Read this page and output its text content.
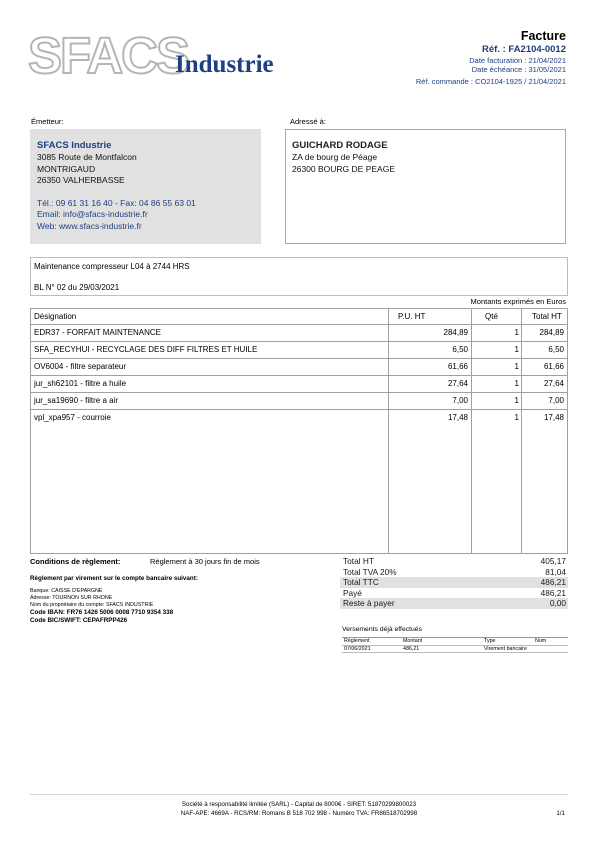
SFACS
Industrie
Facture
Réf. : FA2104-0012
Date facturation : 21/04/2021
Date échéance : 31/05/2021
Réf. commande : CO2104-1925 / 21/04/2021
Émetteur:	Adressé à:
SFACS Industrie
3085 Route de Montfalcon
MONTRIGAUD
26350 VALHERBASSE
Tél.: 09 61 31 16 40 - Fax: 04 86 55 63 01
Email: info@sfacs-industrie.fr
Web: www.sfacs-industrie.fr
GUICHARD RODAGE
ZA de bourg de Péage
26300 BOURG DE PEAGE
Maintenance compresseur L04 à 2744 HRS
BL N° 02 du 29/03/2021
Montants exprimés en Euros
Désignation	P.U. HT	Qté	Total HT
EDR37 - FORFAIT MAINTENANCE	284,89	1	284,89
SFA_RECYHUI - RECYCLAGE DES DIFF FILTRES ET HUILE	6,50	1	6,50
OV6004 - filtre separateur	61,66	1	61,66
jur_sh62101 - filtre a huile	27,64	1	27,64
jur_sa19690 - filtre a air	7,00	1	7,00
vpl_xpa957 - courroie	17,48	1	17,48
Conditions de règlement:	Règlement à 30 jours fin de mois
Règlement par virement sur le compte bancaire suivant:
Banque: CAISSE D'EPARGNE
Adresse: TOURNON SUR RHONE
Nom du propriétaire du compte: SFACS INDUSTRIE
Code IBAN: FR76 1426 5006 0008 7710 9354 338
Code BIC/SWIFT: CEPAFRPP426
Total HT	405,17
Total TVA 20%	81,04
Total TTC	486,21
Payé	486,21
Reste à payer	0,00
Versements déjà effectués
Règlement	Montant	Type	Num
07/06/2021	486,21	Virement bancaire
Société à responsabilité limitée (SARL) - Capital de 8000€ - SIRET: 51870299800023
NAF-APE: 4669A - RCS/RM: Romans B 518 702 998 - Numéro TVA: FR86518702998	1/1
